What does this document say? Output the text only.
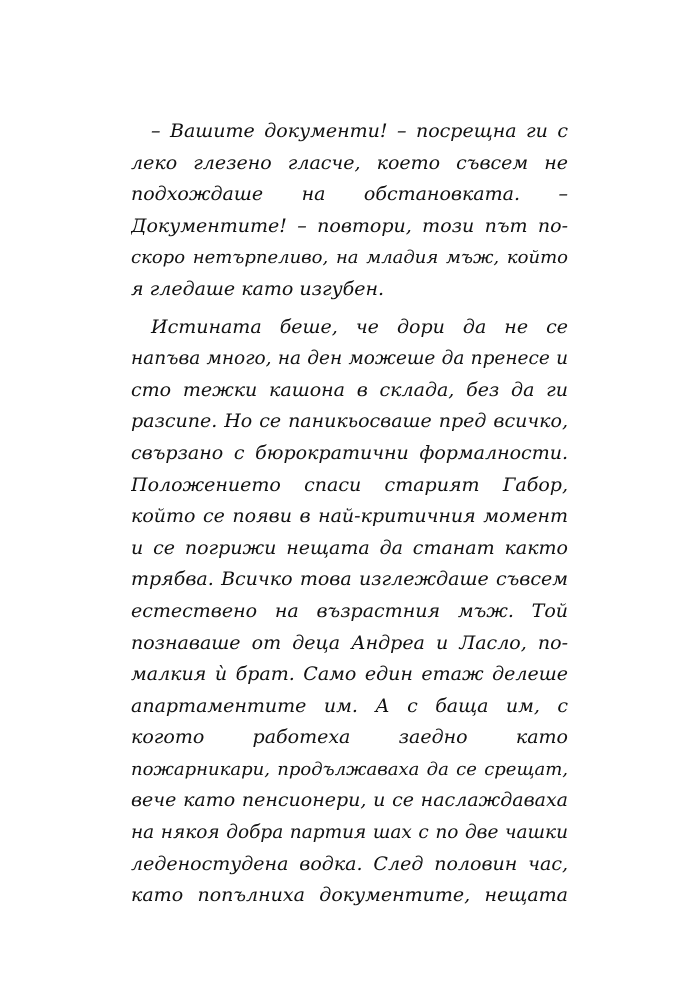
– Вашите документи! – посрещна ги с
леко глезено гласче, което съвсем не
подхождаше на обстановката. –
Документите! – повтори, този път по-
скоро нетърпеливо, на младия мъж, който
я гледаше като изгубен.
Истината беше, че дори да не се
напъва много, на ден можеше да пренесе и
сто тежки кашона в склада, без да ги
разсипе. Но се паникьосваше пред всичко,
свързано с бюрократични формалности.
Положението спаси старият Габор,
който се появи в най-критичния момент
и се погрижи нещата да станат както
трябва. Всичко това изглеждаше съвсем
естествено на възрастния мъж. Той
познаваше от деца Андреа и Ласло, по-
малкия ѝ брат. Само един етаж делеше
апартаментите им. А с баща им, с
когото работеха заедно като
пожарникари, продължаваха да се срещат,
вече като пенсионери, и се наслаждаваха
на някоя добра партия шах с по две чашки
леденостудена водка. След половин час,
като попълниха документите, нещата
